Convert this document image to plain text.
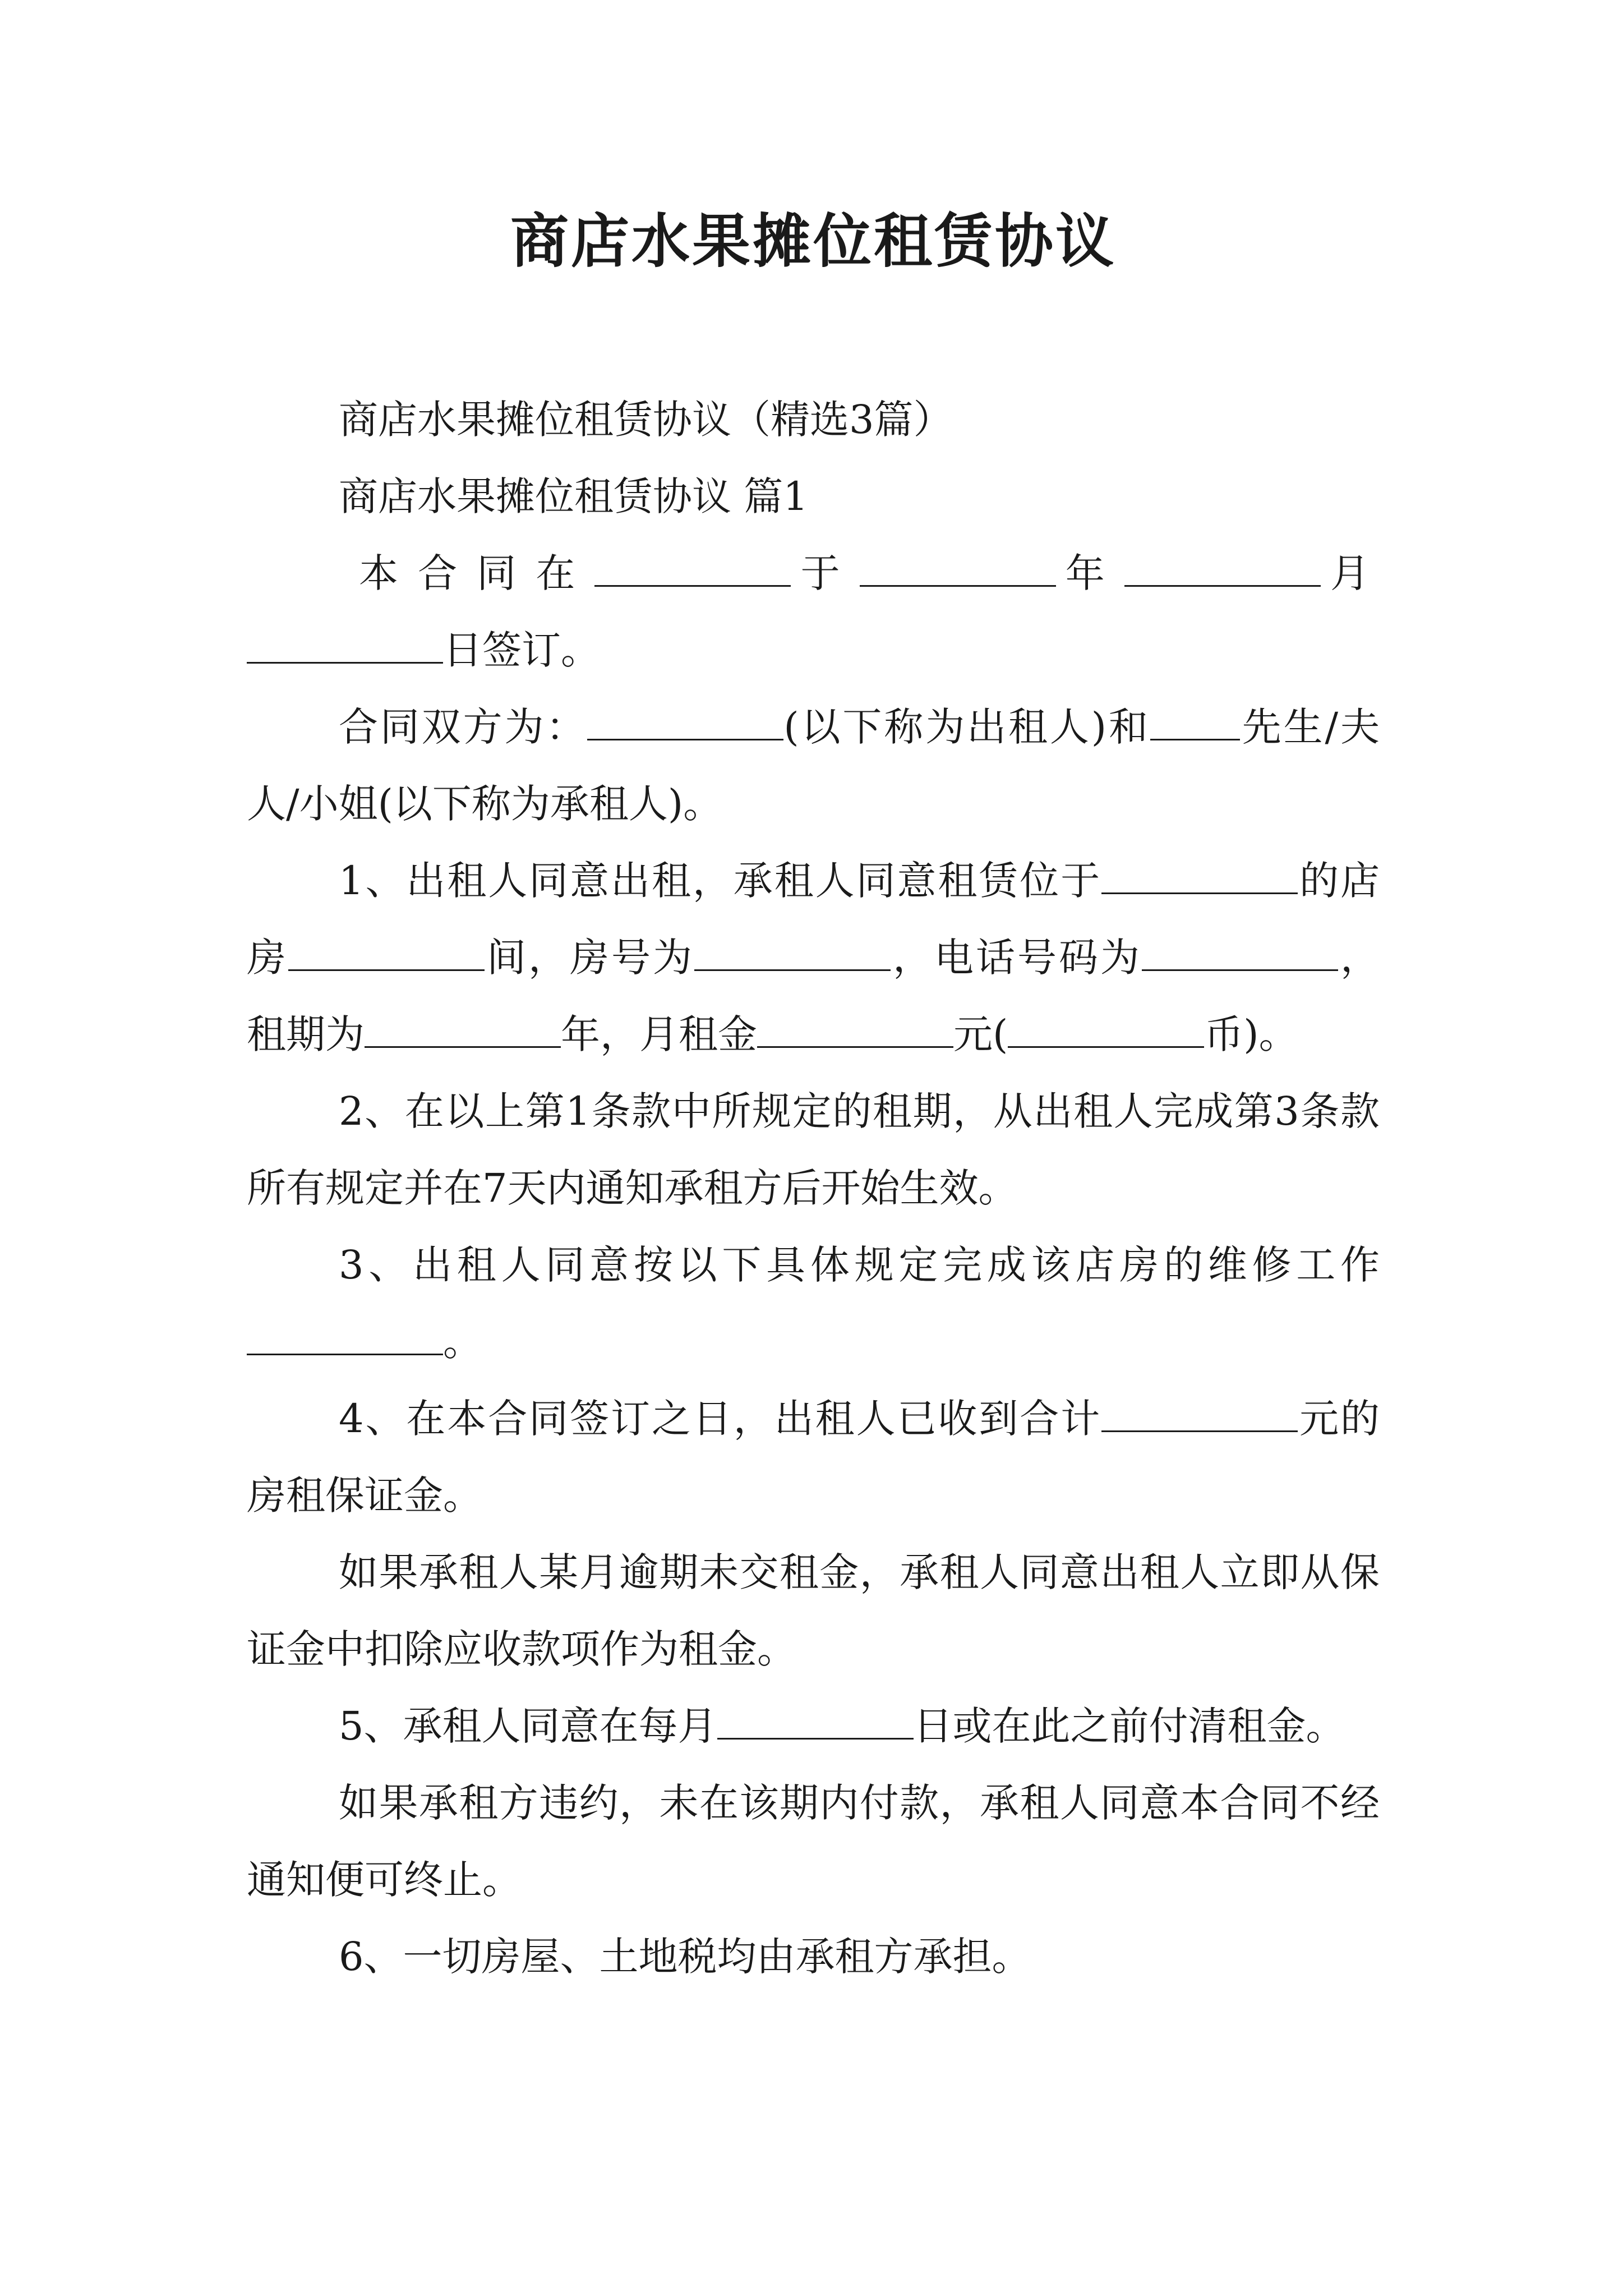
商店水果摊位租赁协议

商店水果摊位租赁协议（精选3篇）

商店水果摊位租赁协议 篇1

本合同在	于	年	月日签订。

合同双方为：	(以下称为出租人)和 先生/夫人/小姐(以下称为承租人)。

1、出租人同意出租，承租人同意租赁位于	的店房	间，房号为	，电话号码为	，租期为	年，月租金	元(	币)。

2、在以上第1条款中所规定的租期，从出租人完成第3条款所有规定并在7天内通知承租方后开始生效。

3、出租人同意按以下具体规定完成该店房的维修工作。

4、在本合同签订之日，出租人已收到合计	元的房租保证金。

如果承租人某月逾期未交租金，承租人同意出租人立即从保证金中扣除应收款项作为租金。

5、承租人同意在每月	日或在此之前付清租金。

如果承租方违约，未在该期内付款，承租人同意本合同不经通知便可终止。

6、一切房屋、土地税均由承租方承担。
